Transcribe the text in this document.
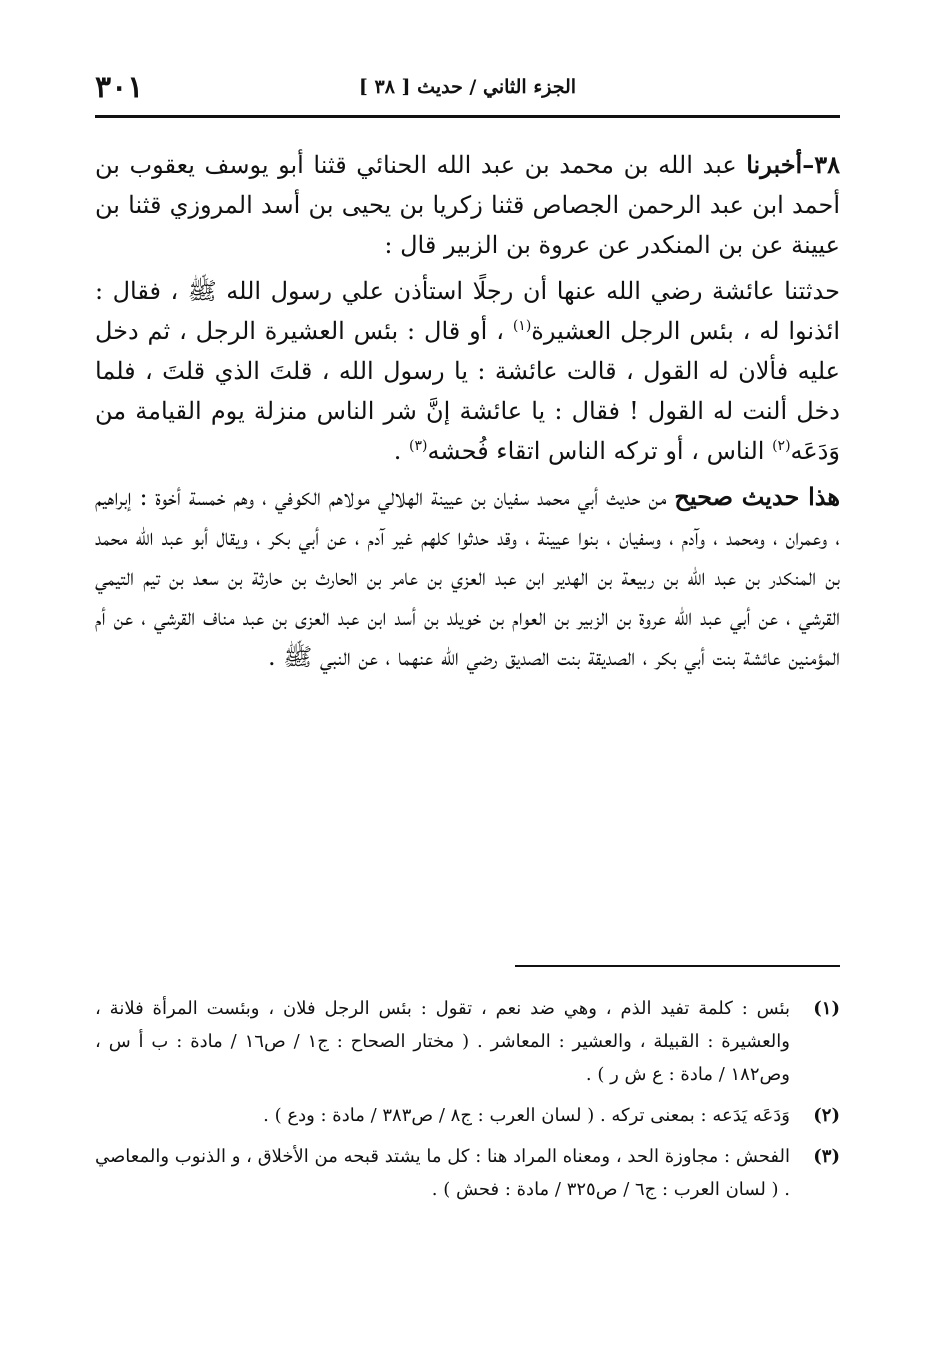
الجزء الثاني / حديث [ ٣٨ ]
٣٠١

٣٨–أخبرنا عبد الله بن محمد بن عبد الله الحنائي قثنا أبو يوسف يعقوب بن أحمد ابن عبد الرحمن الجصاص قثنا زكريا بن يحيى بن أسد المروزي قثنا بن عيينة عن بن المنكدر عن عروة بن الزبير قال :

حدثتنا عائشة رضي الله عنها أن رجلًا استأذن علي رسول الله ﷺ ، فقال : ائذنوا له ، بئس الرجل العشيرة$^{(١)}$ ، أو قال : بئس العشيرة الرجل ، ثم دخل عليه فألان له القول ، قالت عائشة : يا رسول الله ، قلتَ الذي قلتَ ، فلما دخل ألنت له القول ! فقال : يا عائشة إنَّ شر الناس منزلة يوم القيامة من وَدَعَه$^{(٢)}$ الناس ، أو تركه الناس اتقاء فُحشه$^{(٣)}$ .

هذا حديث صحيح من حديث أبي محمد سفيان بن عيينة الهلالي مولاهم الكوفي ، وهم خمسة أخوة : إبراهيم ، وعمران ، ومحمد ، وآدم ، وسفيان ، بنوا عيينة ، وقد حدثوا كلهم غير آدم ، عن أبي بكر ، ويقال أبو عبد الله محمد بن المنكدر بن عبد الله بن ربيعة بن الهدير ابن عبد العزي بن عامر بن الحارث بن حارثة بن سعد بن تيم التيمي القرشي ، عن أبي عبد الله عروة بن الزبير بن العوام بن خويلد بن أسد ابن عبد العزى بن عبد مناف القرشي ، عن أم المؤمنين عائشة بنت أبي بكر ، الصديقة بنت الصديق رضي الله عنهما ، عن النبي ﷺ .

(١)
بئس : كلمة تفيد الذم ، وهي ضد نعم ، تقول : بئس الرجل فلان ، وبئست المرأة فلانة ، والعشيرة : القبيلة ، والعشير : المعاشر . ( مختار الصحاح : ج١ / ص١٦ / مادة : ب أ س ، وص١٨٢ / مادة : ع ش ر ) .

(٢)
وَدَعَه يَدَعه : بمعنى تركه . ( لسان العرب : ج٨ / ص٣٨٣ / مادة : ودع ) .

(٣)
الفحش : مجاوزة الحد ، ومعناه المراد هنا : كل ما يشتد قبحه من الأخلاق ، و الذنوب والمعاصي . ( لسان العرب : ج٦ / ص٣٢٥ / مادة : فحش ) .
